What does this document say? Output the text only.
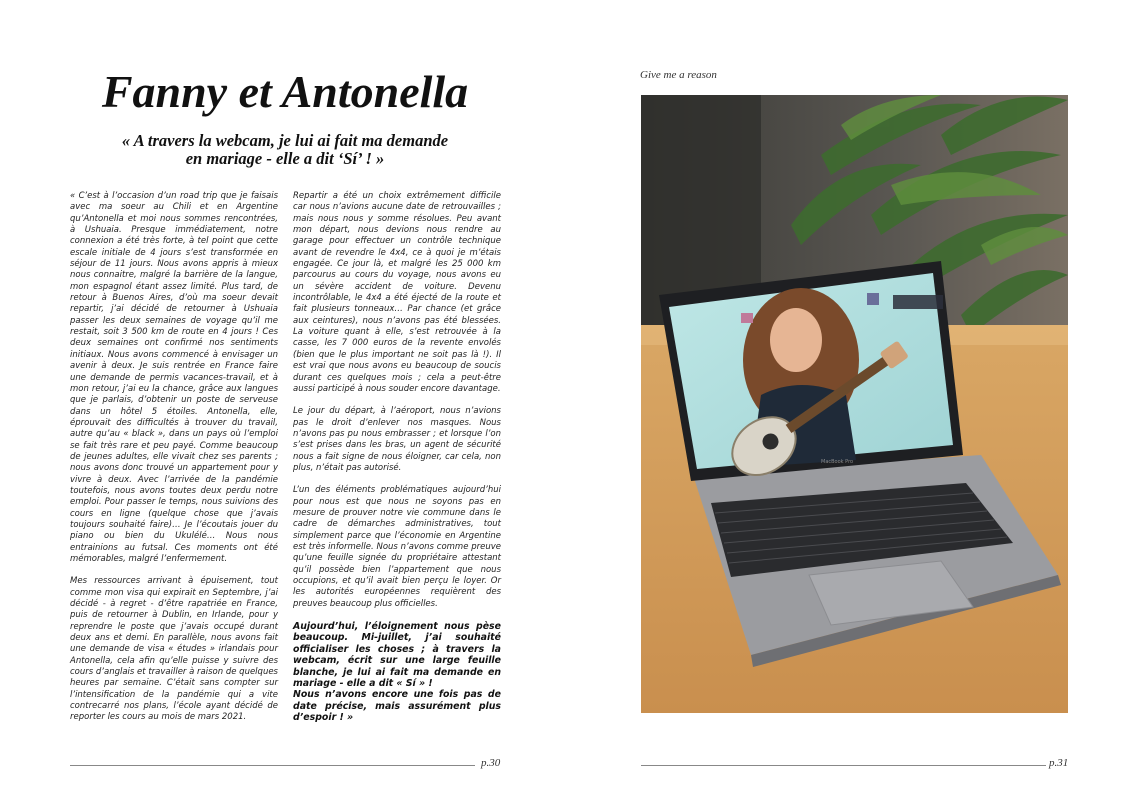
Fanny et Antonella
« A travers la webcam, je lui ai fait ma demande
en mariage - elle a dit ‘Sí’ ! »

« C’est à l’occasion d’un road trip que je faisais avec ma soeur au Chili et en Argentine qu’Antonella et moi nous sommes rencontrées, à Ushuaia. Presque immédiatement, notre connexion a été très forte, à tel point que cette escale initiale de 4 jours s’est transformée en séjour de 11 jours. Nous avons appris à mieux nous connaitre, malgré la barrière de la langue, mon espagnol étant assez limité. Plus tard, de retour à Buenos Aires, d’où ma soeur devait repartir, j’ai décidé de retourner à Ushuaia passer les deux semaines de voyage qu’il me restait, soit 3 500 km de route en 4 jours ! Ces deux semaines ont confirmé nos sentiments initiaux. Nous avons commencé à envisager un avenir à deux. Je suis rentrée en France faire une demande de permis vacances-travail, et à mon retour, j’ai eu la chance, grâce aux langues que je parlais, d’obtenir un poste de serveuse dans un hôtel 5 étoiles. Antonella, elle, éprouvait des difficultés à trouver du travail, autre qu’au « black », dans un pays où l’emploi se fait très rare et peu payé. Comme beaucoup de jeunes adultes, elle vivait chez ses parents ; nous avons donc trouvé un appartement pour y vivre à deux. Avec l’arrivée de la pandémie toutefois, nous avons toutes deux perdu notre emploi. Pour passer le temps, nous suivions des cours en ligne (quelque chose que j’avais toujours souhaité faire)… Je l’écoutais jouer du piano ou bien du Ukulélé… Nous nous entrainions au futsal. Ces moments ont été mémorables, malgré l’enfermement.

Mes ressources arrivant à épuisement, tout comme mon visa qui expirait en Septembre, j’ai décidé - à regret - d’être rapatriée en France, puis de retourner à Dublin, en Irlande, pour y reprendre le poste que j’avais occupé durant deux ans et demi. En parallèle, nous avons fait une demande de visa « études » irlandais pour Antonella, cela afin qu’elle puisse y suivre des cours d’anglais et travailler à raison de quelques heures par semaine. C’était sans compter sur l’intensification de la pandémie qui a vite contrecarré nos plans, l’école ayant décidé de reporter les cours au mois de mars 2021.

Repartir a été un choix extrêmement difficile car nous n’avions aucune date de retrouvailles ; mais nous nous y somme résolues. Peu avant mon départ, nous devions nous rendre au garage pour effectuer un contrôle technique avant de revendre le 4x4, ce à quoi je m’étais engagée. Ce jour là, et malgré les 25 000 km parcourus au cours du voyage, nous avons eu un sévère accident de voiture. Devenu incontrôlable, le 4x4 a été éjecté de la route et fait plusieurs tonneaux… Par chance (et grâce aux ceintures), nous n’avons pas été blessées. La voiture quant à elle, s’est retrouvée à la casse, les 7 000 euros de la revente envolés (bien que le plus important ne soit pas là !). Il est vrai que nous avons eu beaucoup de soucis durant ces quelques mois ; cela a peut-être aussi participé à nous souder encore davantage.

Le jour du départ, à l’aéroport, nous n’avions pas le droit d’enlever nos masques. Nous n’avons pas pu nous embrasser ; et lorsque l’on s’est prises dans les bras, un agent de sécurité nous a fait signe de nous éloigner, car cela, non plus, n’était pas autorisé.

L’un des éléments problématiques aujourd’hui pour nous est que nous ne soyons pas en mesure de prouver notre vie commune dans le cadre de démarches administratives, tout simplement parce que l’économie en Argentine est très informelle. Nous n’avons comme preuve qu’une feuille signée du propriétaire attestant qu’il possède bien l’appartement que nous occupions, et qu’il avait bien perçu le loyer. Or les autorités européennes requièrent des preuves beaucoup plus officielles.

Aujourd’hui, l’éloignement nous pèse beaucoup. Mi-juillet, j’ai souhaité officialiser les choses ; à travers la webcam, écrit sur une large feuille blanche, je lui ai fait ma demande en mariage - elle a dit « Sí » !

Nous n’avons encore une fois pas de date précise, mais assurément plus d’espoir ! »

p.30
Give me a reason
MacBook Pro
p.31
